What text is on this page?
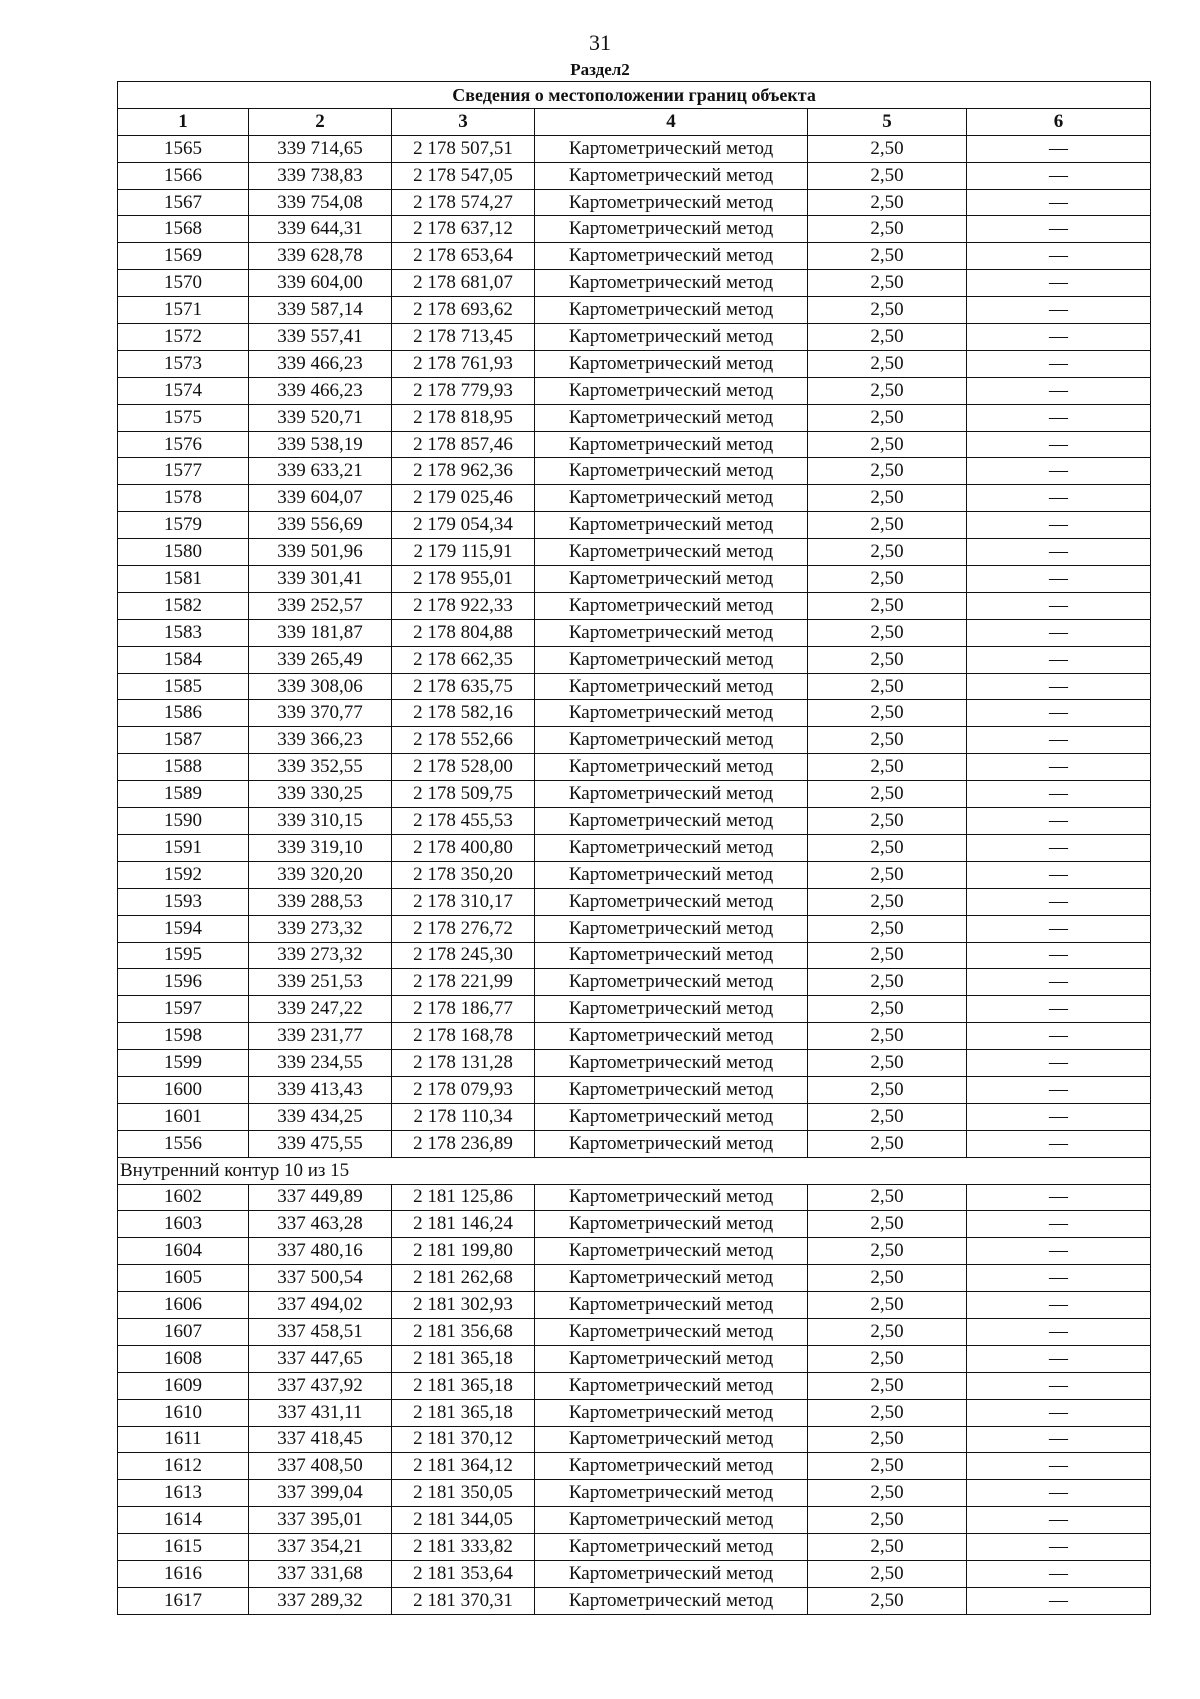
31
Раздел2
Сведения о местоположении границ объекта					
1	2	3	4	5	6
1565	339 714,65	2 178 507,51	Картометрический метод	2,50	—
1566	339 738,83	2 178 547,05	Картометрический метод	2,50	—
1567	339 754,08	2 178 574,27	Картометрический метод	2,50	—
1568	339 644,31	2 178 637,12	Картометрический метод	2,50	—
1569	339 628,78	2 178 653,64	Картометрический метод	2,50	—
1570	339 604,00	2 178 681,07	Картометрический метод	2,50	—
1571	339 587,14	2 178 693,62	Картометрический метод	2,50	—
1572	339 557,41	2 178 713,45	Картометрический метод	2,50	—
1573	339 466,23	2 178 761,93	Картометрический метод	2,50	—
1574	339 466,23	2 178 779,93	Картометрический метод	2,50	—
1575	339 520,71	2 178 818,95	Картометрический метод	2,50	—
1576	339 538,19	2 178 857,46	Картометрический метод	2,50	—
1577	339 633,21	2 178 962,36	Картометрический метод	2,50	—
1578	339 604,07	2 179 025,46	Картометрический метод	2,50	—
1579	339 556,69	2 179 054,34	Картометрический метод	2,50	—
1580	339 501,96	2 179 115,91	Картометрический метод	2,50	—
1581	339 301,41	2 178 955,01	Картометрический метод	2,50	—
1582	339 252,57	2 178 922,33	Картометрический метод	2,50	—
1583	339 181,87	2 178 804,88	Картометрический метод	2,50	—
1584	339 265,49	2 178 662,35	Картометрический метод	2,50	—
1585	339 308,06	2 178 635,75	Картометрический метод	2,50	—
1586	339 370,77	2 178 582,16	Картометрический метод	2,50	—
1587	339 366,23	2 178 552,66	Картометрический метод	2,50	—
1588	339 352,55	2 178 528,00	Картометрический метод	2,50	—
1589	339 330,25	2 178 509,75	Картометрический метод	2,50	—
1590	339 310,15	2 178 455,53	Картометрический метод	2,50	—
1591	339 319,10	2 178 400,80	Картометрический метод	2,50	—
1592	339 320,20	2 178 350,20	Картометрический метод	2,50	—
1593	339 288,53	2 178 310,17	Картометрический метод	2,50	—
1594	339 273,32	2 178 276,72	Картометрический метод	2,50	—
1595	339 273,32	2 178 245,30	Картометрический метод	2,50	—
1596	339 251,53	2 178 221,99	Картометрический метод	2,50	—
1597	339 247,22	2 178 186,77	Картометрический метод	2,50	—
1598	339 231,77	2 178 168,78	Картометрический метод	2,50	—
1599	339 234,55	2 178 131,28	Картометрический метод	2,50	—
1600	339 413,43	2 178 079,93	Картометрический метод	2,50	—
1601	339 434,25	2 178 110,34	Картометрический метод	2,50	—
1556	339 475,55	2 178 236,89	Картометрический метод	2,50	—
Внутренний контур 10 из 15					
1602	337 449,89	2 181 125,86	Картометрический метод	2,50	—
1603	337 463,28	2 181 146,24	Картометрический метод	2,50	—
1604	337 480,16	2 181 199,80	Картометрический метод	2,50	—
1605	337 500,54	2 181 262,68	Картометрический метод	2,50	—
1606	337 494,02	2 181 302,93	Картометрический метод	2,50	—
1607	337 458,51	2 181 356,68	Картометрический метод	2,50	—
1608	337 447,65	2 181 365,18	Картометрический метод	2,50	—
1609	337 437,92	2 181 365,18	Картометрический метод	2,50	—
1610	337 431,11	2 181 365,18	Картометрический метод	2,50	—
1611	337 418,45	2 181 370,12	Картометрический метод	2,50	—
1612	337 408,50	2 181 364,12	Картометрический метод	2,50	—
1613	337 399,04	2 181 350,05	Картометрический метод	2,50	—
1614	337 395,01	2 181 344,05	Картометрический метод	2,50	—
1615	337 354,21	2 181 333,82	Картометрический метод	2,50	—
1616	337 331,68	2 181 353,64	Картометрический метод	2,50	—
1617	337 289,32	2 181 370,31	Картометрический метод	2,50	—
